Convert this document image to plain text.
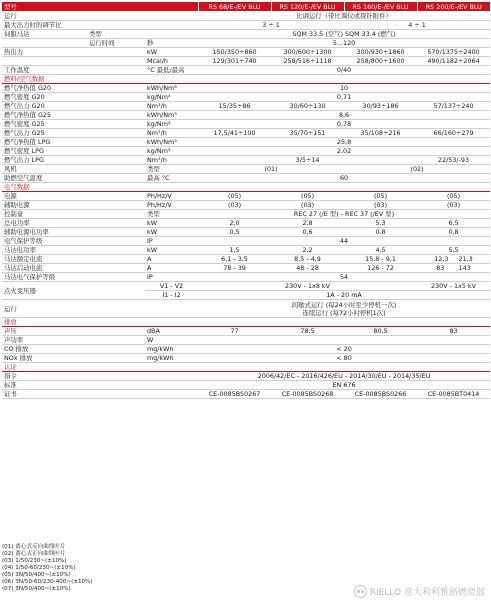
型号			RS 68/E-/EV BLU	RS 120/E-/EV BLU	RS 160/E-/EV BLU	RS 200/E-/EV BLU
运行			比调运行（带比调仪或探针附件）			
最大出力时的调节比			3 ÷ 1		4 ÷ 1	
伺服马达	类型		SQM 33.5 (空气) SQM 33.4 (燃气)			
	运行时间	秒	5...120			
热出力		kW	150/350÷860	300/600÷1300	300/930÷1860	570/1375÷2400
		Mcal/h	129/301÷740	258/516÷1118	258/800÷1600	490/1182÷2064
工作温度		°C 最低/最高	0/40			
燃料/空气数据						
燃气净热值 G20		kWh/Nm³	10			
燃气密度 G20		kg/Nm³	0,71			
燃气出力 G20		Nm³/h	15/35÷86	30/60÷130	30/93÷186	57/137÷240
燃气净热值 G25		kWh/Nm³	8,6			
燃气密度 G25		kg/Nm³	0,78			
燃气出力 G25		Nm³/h	17,5/41÷100	35/70÷151	35/108÷216	66/160÷279
燃气净热值 LPG		kWh/Nm³	25,8			
燃气密度 LPG		kg/Nm³	2,02			
燃气出力 LPG		Nm³/h	3/5÷14			22/53/-93
风机		类型	(01)		(02)	
助燃空气温度		最高 °C	60			
电气数据						
电源		Ph/Hz/V	(05)	(05)	(05)	(05)
辅助电源		Ph/Hz/V	(03)	(03)	(03)	(03)
控制盒		类型	REC 27 (/E 型) - REC 37 (/EV 型)			
总电功率		kW	2,0	2,8	5,3	6,5
辅助电源电功率		kW	0,5	0,6	0,8	0,8
电气保护等级		IP	44			
马达电功率		kW	1,5	2,2	4,5	5,5
马达额定电流		A	6,1 - 3,5	8,5 - 4,9	15,8 - 9,1	12,3 21,3
马达启动电流		A	78 - 39	48 - 28	126 - 72	83 143
马达电气保护等级		IP	54			
点火变压器		V1 - V2	230V - 1x8 kV			230V - 1x5 kV
		I1 - I2	1A - 20 mA			
运行			间歇式运行 (每24小时至少停机一次)
连续运行 (每72小时停机1次)			

排放						
声压		dBA	77	78,5	80,5	83
声功率		W				
CO 排放		mg/kWh	< 20			
NOx 排放		mg/kWh	< 80			
认证						
指令			2006/42/EC - 2016/426/EU - 2014/30/EU - 2014/35/EU			
标准			EN 676			
证书			CE-0085BS0267	CE-0085BS0268	CE-0085BS0266	CE-0085BT0414
(01) 离心式反向曲线叶片
(02) 离心式正向曲线叶片
(03) 1/50/230~(±10%)
(04) 1/50-60/230~(±10%)
(05) 3N/50/400~(±10%)
(06) 3N/50-60/230-400~(±10%)
(07) 3N/50/400~(±10%)	RIELLO 意大利利雅路燃烧器
